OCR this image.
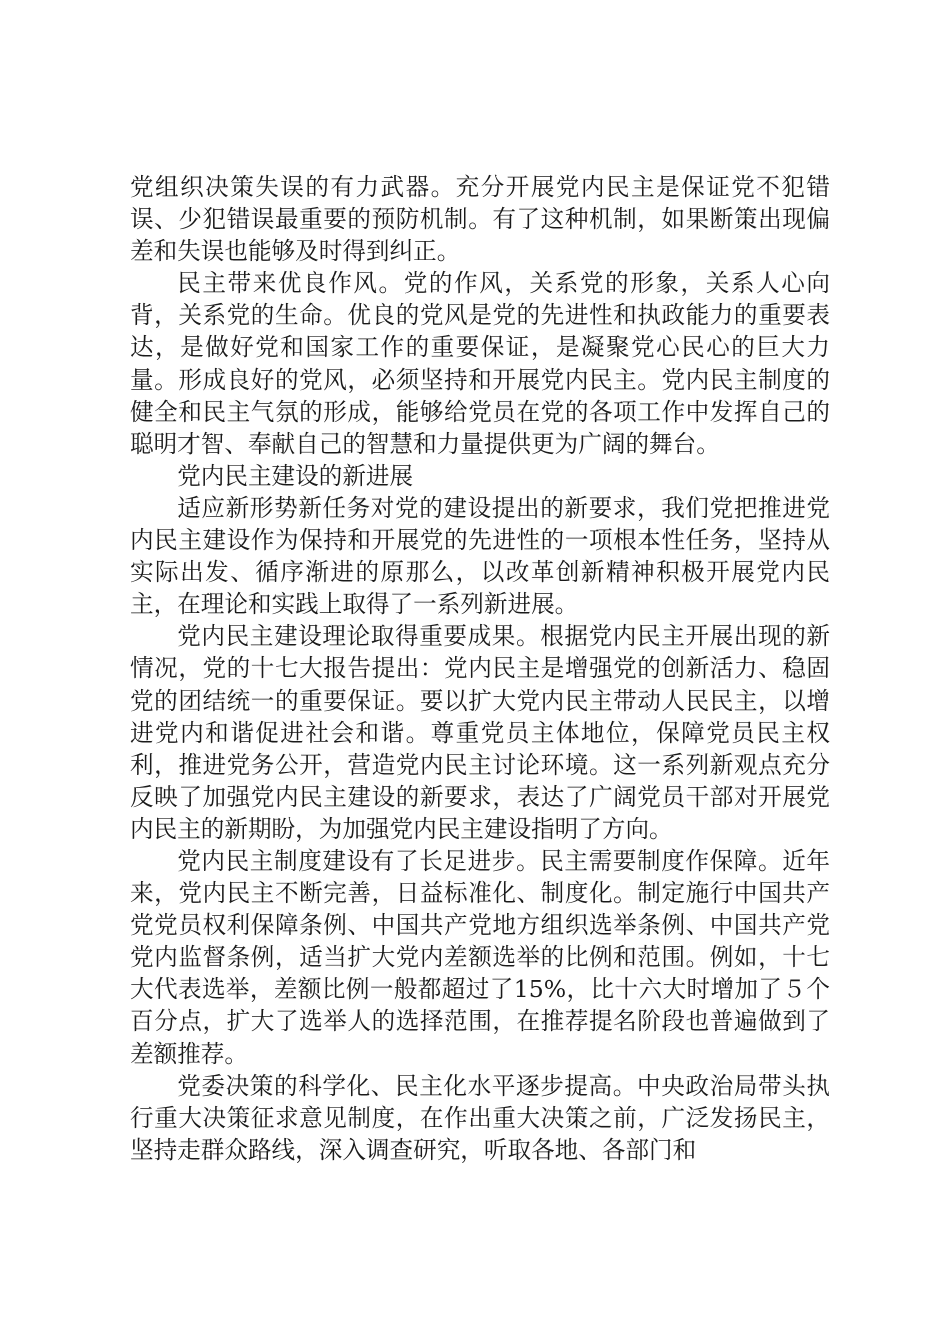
党组织决策失误的有力武器。充分开展党内民主是保证党不犯错误、少犯错误最重要的预防机制。有了这种机制，如果断策出现偏差和失误也能够及时得到纠正。

民主带来优良作风。党的作风，关系党的形象，关系人心向背，关系党的生命。优良的党风是党的先进性和执政能力的重要表达，是做好党和国家工作的重要保证，是凝聚党心民心的巨大力量。形成良好的党风，必须坚持和开展党内民主。党内民主制度的健全和民主气氛的形成，能够给党员在党的各项工作中发挥自己的聪明才智、奉献自己的智慧和力量提供更为广阔的舞台。

党内民主建设的新进展

适应新形势新任务对党的建设提出的新要求，我们党把推进党内民主建设作为保持和开展党的先进性的一项根本性任务，坚持从实际出发、循序渐进的原那么，以改革创新精神积极开展党内民主，在理论和实践上取得了一系列新进展。

党内民主建设理论取得重要成果。根据党内民主开展出现的新情况，党的十七大报告提出：党内民主是增强党的创新活力、稳固党的团结统一的重要保证。要以扩大党内民主带动人民民主，以增进党内和谐促进社会和谐。尊重党员主体地位，保障党员民主权利，推进党务公开，营造党内民主讨论环境。这一系列新观点充分反映了加强党内民主建设的新要求，表达了广阔党员干部对开展党内民主的新期盼，为加强党内民主建设指明了方向。

党内民主制度建设有了长足进步。民主需要制度作保障。近年来，党内民主不断完善，日益标准化、制度化。制定施行中国共产党党员权利保障条例、中国共产党地方组织选举条例、中国共产党党内监督条例，适当扩大党内差额选举的比例和范围。例如，十七大代表选举，差额比例一般都超过了15%，比十六大时增加了５个百分点，扩大了选举人的选择范围，在推荐提名阶段也普遍做到了差额推荐。

党委决策的科学化、民主化水平逐步提高。中央政治局带头执行重大决策征求意见制度，在作出重大决策之前，广泛发扬民主，坚持走群众路线，深入调查研究，听取各地、各部门和
